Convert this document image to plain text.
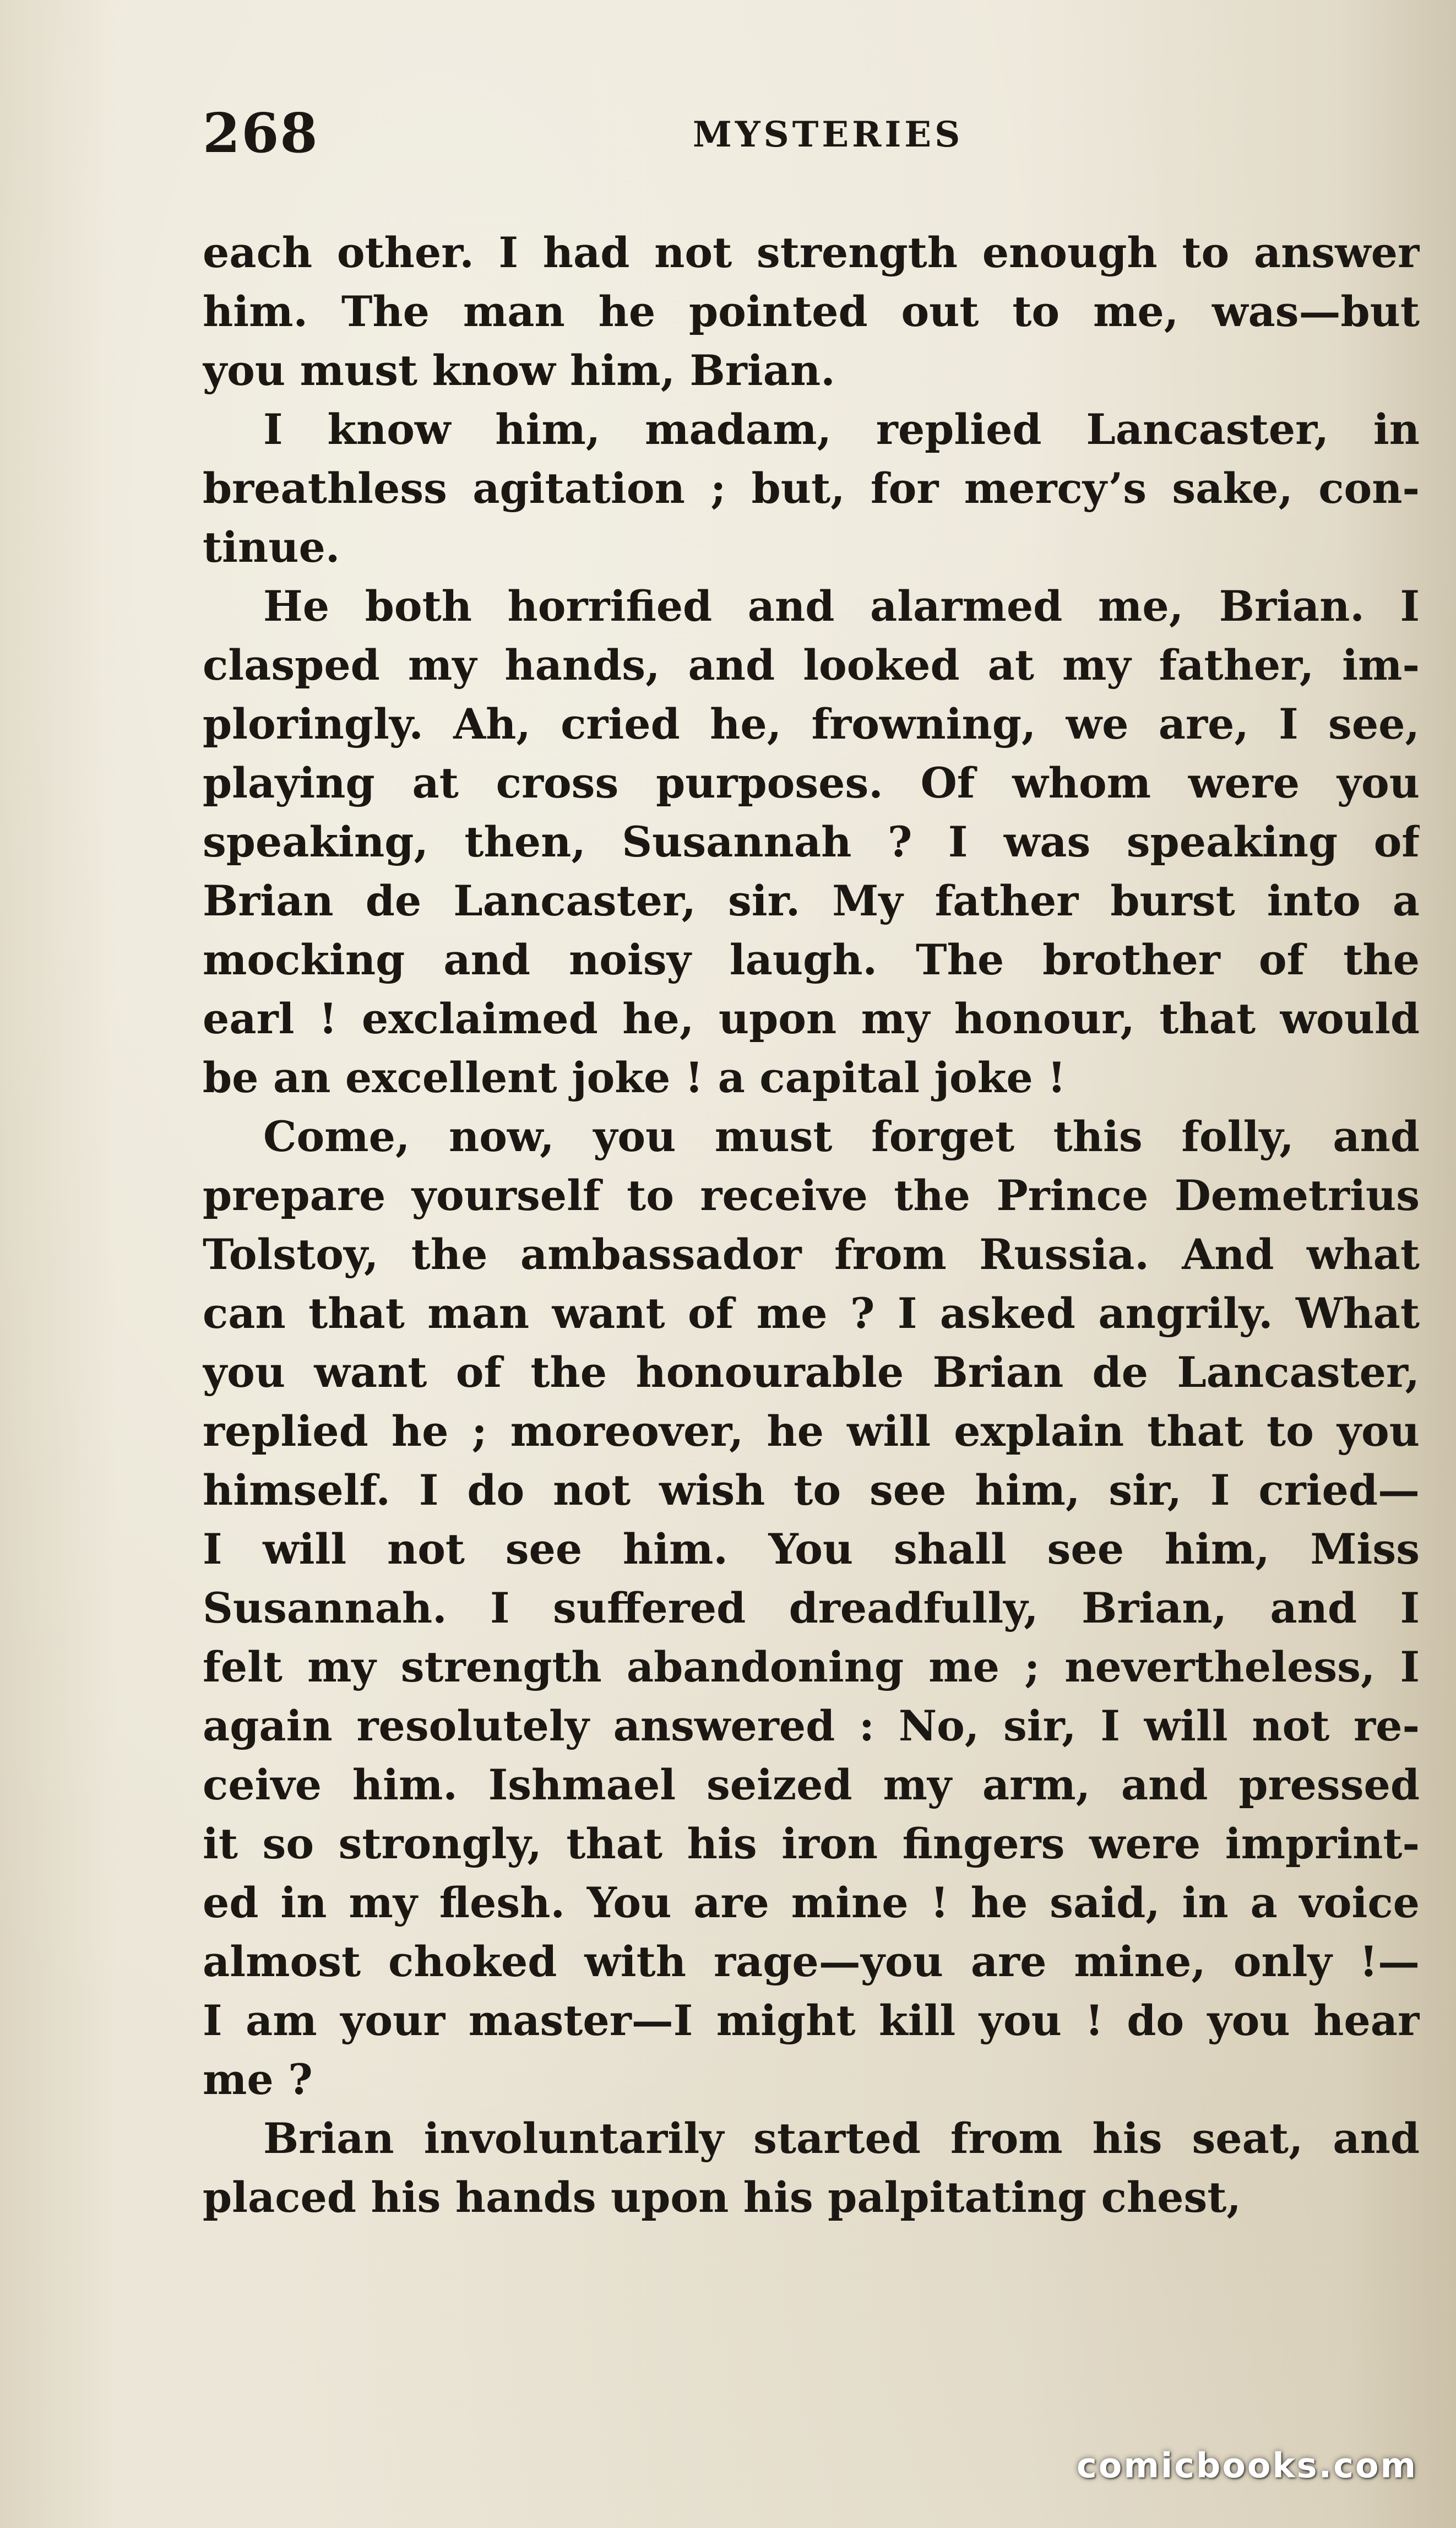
268	MYSTERIES
each other. I had not strength enough to answer
him. The man he pointed out to me, was—but
you must know him, Brian.
I know him, madam, replied Lancaster, in
breathless agitation ; but, for mercy’s sake, con-
tinue.
He both horrified and alarmed me, Brian. I
clasped my hands, and looked at my father, im-
ploringly. Ah, cried he, frowning, we are, I see,
playing at cross purposes. Of whom were you
speaking, then, Susannah ? I was speaking of
Brian de Lancaster, sir. My father burst into a
mocking and noisy laugh. The brother of the
earl ! exclaimed he, upon my honour, that would
be an excellent joke ! a capital joke !
Come, now, you must forget this folly, and
prepare yourself to receive the Prince Demetrius
Tolstoy, the ambassador from Russia. And what
can that man want of me ? I asked angrily. What
you want of the honourable Brian de Lancaster,
replied he ; moreover, he will explain that to you
himself. I do not wish to see him, sir, I cried—
I will not see him. You shall see him, Miss
Susannah. I suffered dreadfully, Brian, and I
felt my strength abandoning me ; nevertheless, I
again resolutely answered : No, sir, I will not re-
ceive him. Ishmael seized my arm, and pressed
it so strongly, that his iron fingers were imprint-
ed in my flesh. You are mine ! he said, in a voice
almost choked with rage—you are mine, only !—
I am your master—I might kill you ! do you hear
me ?
Brian involuntarily started from his seat, and
placed his hands upon his palpitating chest,
comicbooks.com
